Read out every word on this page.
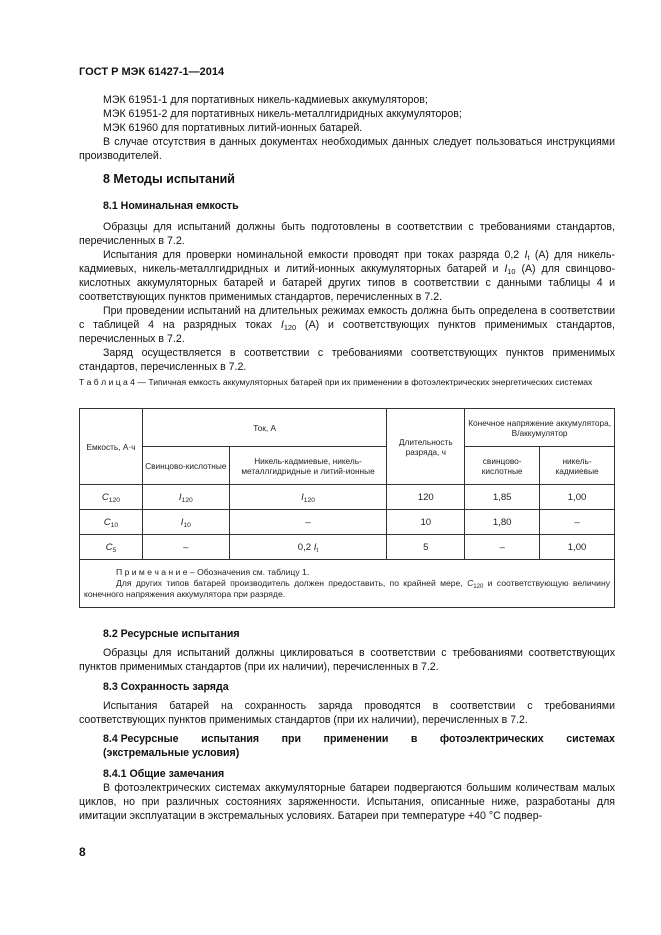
ГОСТ Р МЭК 61427-1—2014
МЭК 61951-1 для портативных никель-кадмиевых аккумуляторов;
МЭК 61951-2 для портативных никель-металлгидридных аккумуляторов;
МЭК 61960 для портативных литий-ионных батарей.
В случае отсутствия в данных документах необходимых данных следует пользоваться инструкциями производителей.
8 Методы испытаний
8.1 Номинальная емкость
Образцы для испытаний должны быть подготовлены в соответствии с требованиями стандартов, перечисленных в 7.2.
Испытания для проверки номинальной емкости проводят при токах разряда 0,2 $I_t$ (A) для никель-кадмиевых, никель-металлгидридных и литий-ионных аккумуляторных батарей и $I_{10}$ (A) для свинцово-кислотных аккумуляторных батарей и батарей других типов в соответствии с данными таблицы 4 и соответствующих пунктов применимых стандартов, перечисленных в 7.2.
При проведении испытаний на длительных режимах емкость должна быть определена в соответствии с таблицей 4 на разрядных токах $I_{120}$ (A) и соответствующих пунктов применимых стандартов, перечисленных в 7.2.
Заряд осуществляется в соответствии с требованиями соответствующих пунктов применимых стандартов, перечисленных в 7.2.
Т а б л и ц а 4 — Типичная емкость аккумуляторных батарей при их применении в фотоэлектрических энергетических системах
Емкость, А·ч	Ток, А		Длительность разряда, ч	Конечное напряжение аккумулятора, В/аккумулятор	
	Свинцово-кислотные	Никель-кадмиевые, никель-металлгидридные и литий-ионные		свинцово-кислотные	никель-кадмиевые
$C_{120}$	$I_{120}$	$I_{120}$	120	1,85	1,00
$C_{10}$	$I_{10}$	–	10	1,80	–
$C_5$	–	0,2 $I_t$	5	–	1,00

П р и м е ч а н и е – Обозначения см. таблицу 1.
Для других типов батарей производитель должен предоставить, по крайней мере, $C_{120}$ и соответствующую величину конечного напряжения аккумулятора при разряде.					
8.2 Ресурсные испытания
Образцы для испытаний должны циклироваться в соответствии с требованиями соответствующих пунктов применимых стандартов (при их наличии), перечисленных в 7.2.
8.3 Сохранность заряда
Испытания батарей на сохранность заряда проводятся в соответствии с требованиями соответствующих пунктов применимых стандартов (при их наличии), перечисленных в 7.2.
8.4 Ресурсные испытания при применении в фотоэлектрических системах
(экстремальные условия)
8.4.1 Общие замечания
В фотоэлектрических системах аккумуляторные батареи подвергаются большим количествам малых циклов, но при различных состояниях заряженности. Испытания, описанные ниже, разработаны для имитации эксплуатации в экстремальных условиях. Батареи при температуре +40 °С подвер-
8
